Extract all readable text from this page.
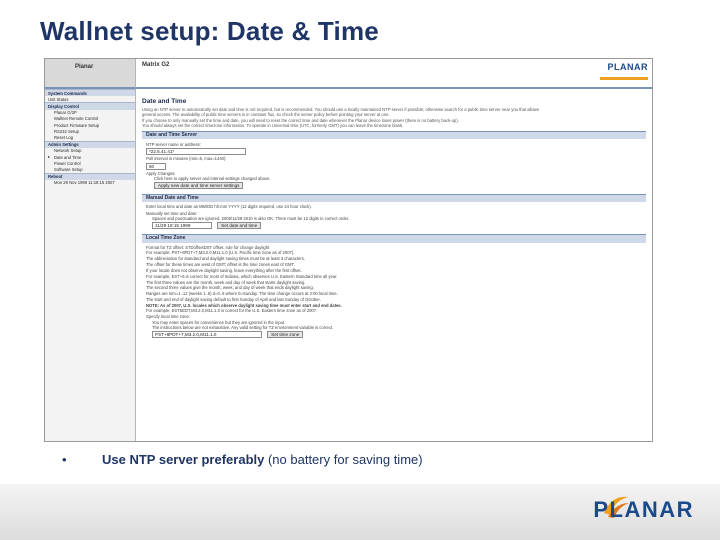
Wallnet setup: Date & Time
Planar	Matrix G2	PLANAR
System Commands
Unit Status
Display Control
Planar G/2P
Wallnet Remote Control
Product Firmware Setup
RS232 Setup
Reset Log
Admin Settings
Network Setup
▸ Date and Time
Power Control
Software Setup
Reboot
Mon 29 Nov 1999 11:18:15 2007
Date and Time
Using an NTP server to automatically set date and time is not required, but is recommended. You should use a locally maintained NTP server if possible; otherwise search for a public time server near you that allows
general access. The availability of public time servers is in constant flux, so check the server policy before pointing your server at one.
If you choose to only manually set the time and date, you will need to reset the correct time and date whenever the Planar device loses power (there is no battery back-up).
You should always set the correct timezone information. To operate in Universal time (UTC, formerly GMT) you can leave the timezone blank.
Date and Time Server
NTP server name or address:
*22.5.41.41*
Poll interval in minutes (min=5, max=1440):
60
Apply Changes:
Click here to apply server and interval settings changed above.
Apply new date and time server settings
Manual Date and Time
Enter local time and date as MM/DD hh:mm YYYY (12 digits required, use 24 hour clock).
Manually set time and date:
Spaces and punctuation are ignored. 2005/11/29 2010 is also OK. There must be 12 digits in correct order.
11/29 18:15 1999	Set date and time
Local Time Zone
Format for TZ offset: STDoffsetDST offset, rule for change daylight
For example: PST+8PDT+7,M3.2.0,M11.1.0 (U.S. Pacific time zone as of 2007).
The abbreviation for standard and daylight saving times must be at least 3 characters.
The offset for these times are west of GMT; offset is the time zones east of GMT.
If your locale does not observe daylight saving, leave everything after the first offset.
For example, EST+5 is correct for most of Indiana, which observes U.S. Eastern Standard time all year.
The first three values are the month, week and day of week that starts daylight saving.
The second three values give the month, week, and day of week that ends daylight saving.
Ranges are mm=1..12 (weeks 1..5) d=0..6 where 0=Sunday. The time change occurs at 2:00 local time.
The start and end of daylight saving default to first Sunday of April and last Sunday of October.
NOTE: As of 2007, U.S. locales which observe daylight saving time must enter start and end dates.
For example, EST5EDT,M3.2.0,M11.1.0 is correct for the U.S. Eastern time zone as of 2007.
Specify local time zone:
You may enter spaces for convenience but they are ignored in the input.
The instructions below are not exhaustive. Any valid setting for TZ environment variable is correct.
PST+8PDT+7,M3.2.0,M11.1.0	Set time zone
•	Use NTP server preferably (no battery for saving time)
PLANAR
